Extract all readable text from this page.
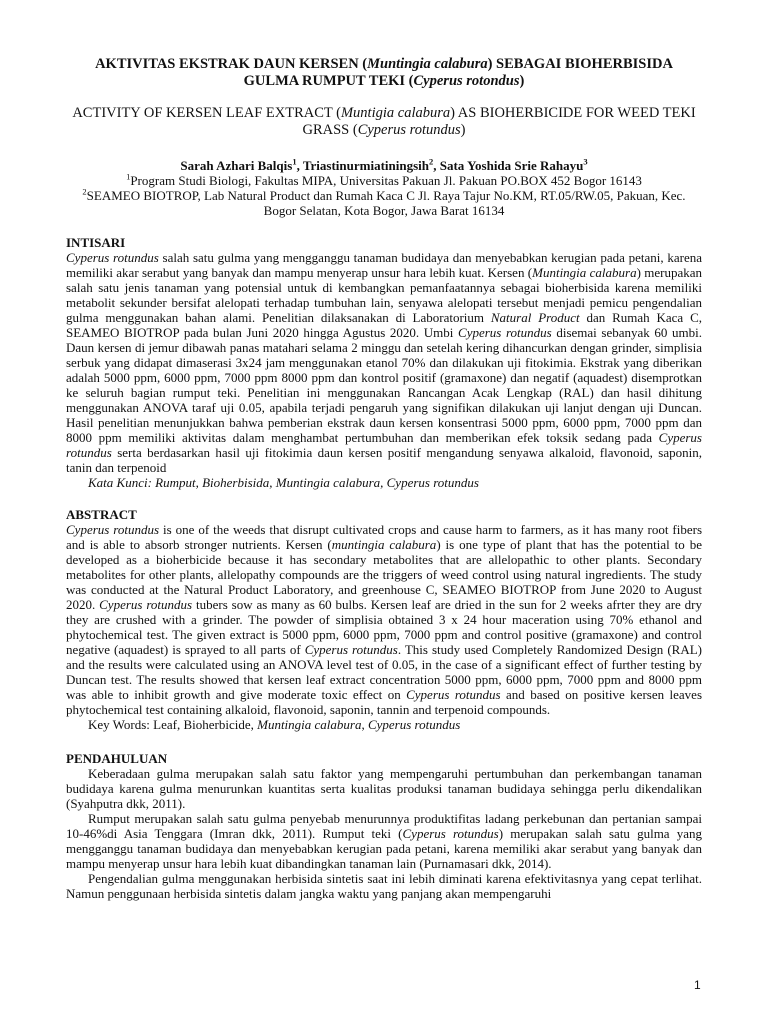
AKTIVITAS EKSTRAK DAUN KERSEN (Muntingia calabura) SEBAGAI BIOHERBISIDA GULMA RUMPUT TEKI (Cyperus rotondus)

ACTIVITY OF KERSEN LEAF EXTRACT (Muntigia calabura) AS BIOHERBICIDE FOR WEED TEKI GRASS (Cyperus rotundus)

Sarah Azhari Balqis$^1$, Triastinurmiatiningsih$^2$, Sata Yoshida Srie Rahayu$^3$

$^1$Program Studi Biologi, Fakultas MIPA, Universitas Pakuan Jl. Pakuan PO.BOX 452 Bogor 16143

$^2$SEAMEO BIOTROP, Lab Natural Product dan Rumah Kaca C Jl. Raya Tajur No.KM, RT.05/RW.05, Pakuan, Kec. Bogor Selatan, Kota Bogor, Jawa Barat 16134

INTISARI

Cyperus rotundus salah satu gulma yang mengganggu tanaman budidaya dan menyebabkan kerugian pada petani, karena memiliki akar serabut yang banyak dan mampu menyerap unsur hara lebih kuat. Kersen (Muntingia calabura) merupakan salah satu jenis tanaman yang potensial untuk di kembangkan pemanfaatannya sebagai bioherbisida karena memiliki metabolit sekunder bersifat alelopati terhadap tumbuhan lain, senyawa alelopati tersebut menjadi pemicu pengendalian gulma menggunakan bahan alami. Penelitian dilaksanakan di Laboratorium Natural Product dan Rumah Kaca C, SEAMEO BIOTROP pada bulan Juni 2020 hingga Agustus 2020. Umbi Cyperus rotundus disemai sebanyak 60 umbi. Daun kersen di jemur dibawah panas matahari selama 2 minggu dan setelah kering dihancurkan dengan grinder, simplisia serbuk yang didapat dimaserasi 3x24 jam menggunakan etanol 70% dan dilakukan uji fitokimia. Ekstrak yang diberikan adalah 5000 ppm, 6000 ppm, 7000 ppm 8000 ppm dan kontrol positif (gramaxone) dan negatif (aquadest) disemprotkan ke seluruh bagian rumput teki. Penelitian ini menggunakan Rancangan Acak Lengkap (RAL) dan hasil dihitung menggunakan ANOVA taraf uji 0.05, apabila terjadi pengaruh yang signifikan dilakukan uji lanjut dengan uji Duncan. Hasil penelitian menunjukkan bahwa pemberian ekstrak daun kersen konsentrasi 5000 ppm, 6000 ppm, 7000 ppm dan 8000 ppm memiliki aktivitas dalam menghambat pertumbuhan dan memberikan efek toksik sedang pada Cyperus rotundus serta berdasarkan hasil uji fitokimia daun kersen positif mengandung senyawa alkaloid, flavonoid, saponin, tanin dan terpenoid

Kata Kunci: Rumput, Bioherbisida, Muntingia calabura, Cyperus rotundus

ABSTRACT

Cyperus rotundus is one of the weeds that disrupt cultivated crops and cause harm to farmers, as it has many root fibers and is able to absorb stronger nutrients. Kersen (muntingia calabura) is one type of plant that has the potential to be developed as a bioherbicide because it has secondary metabolites that are allelopathic to other plants. Secondary metabolites for other plants, allelopathy compounds are the triggers of weed control using natural ingredients. The study was conducted at the Natural Product Laboratory, and greenhouse C, SEAMEO BIOTROP from June 2020 to August 2020. Cyperus rotundus tubers sow as many as 60 bulbs. Kersen leaf are dried in the sun for 2 weeks afrter they are dry they are crushed with a grinder. The powder of simplisia obtained 3 x 24 hour maceration using 70% ethanol and phytochemical test. The given extract is 5000 ppm, 6000 ppm, 7000 ppm and control positive (gramaxone) and control negative (aquadest) is sprayed to all parts of Cyperus rotundus. This study used Completely Randomized Design (RAL) and the results were calculated using an ANOVA level test of 0.05, in the case of a significant effect of further testing by Duncan test. The results showed that kersen leaf extract concentration 5000 ppm, 6000 ppm, 7000 ppm and 8000 ppm was able to inhibit growth and give moderate toxic effect on Cyperus rotundus and based on positive kersen leaves phytochemical test containing alkaloid, flavonoid, saponin, tannin and terpenoid compounds.

Key Words: Leaf, Bioherbicide, Muntingia calabura, Cyperus rotundus

PENDAHULUAN

Keberadaan gulma merupakan salah satu faktor yang mempengaruhi pertumbuhan dan perkembangan tanaman budidaya karena gulma menurunkan kuantitas serta kualitas produksi tanaman budidaya sehingga perlu dikendalikan (Syahputra dkk, 2011).

Rumput merupakan salah satu gulma penyebab menurunnya produktifitas ladang perkebunan dan pertanian sampai 10-46%di Asia Tenggara (Imran dkk, 2011). Rumput teki (Cyperus rotundus) merupakan salah satu gulma yang mengganggu tanaman budidaya dan menyebabkan kerugian pada petani, karena memiliki akar serabut yang banyak dan mampu menyerap unsur hara lebih kuat dibandingkan tanaman lain (Purnamasari dkk, 2014).

Pengendalian gulma menggunakan herbisida sintetis saat ini lebih diminati karena efektivitasnya yang cepat terlihat. Namun penggunaan herbisida sintetis dalam jangka waktu yang panjang akan mempengaruhi

1
